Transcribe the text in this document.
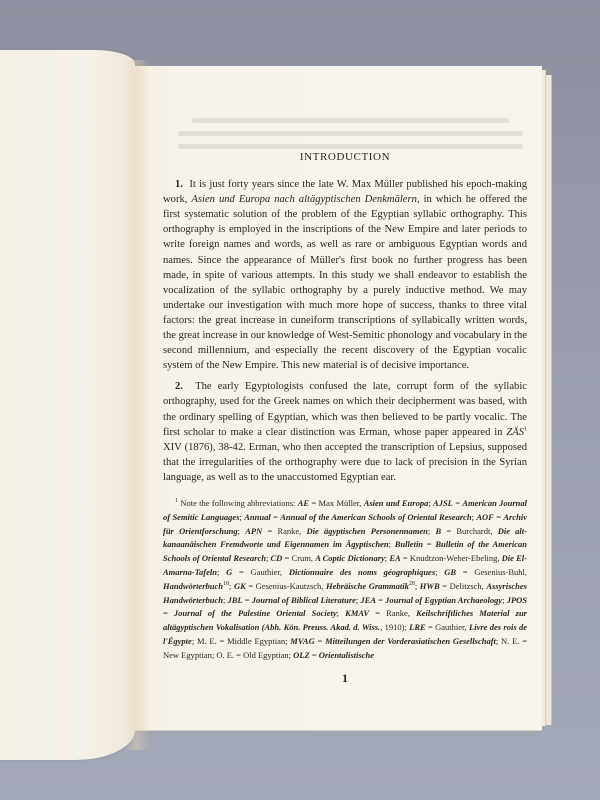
INTRODUCTION

1. It is just forty years since the late W. Max Müller published his epoch-making work, Asien und Europa nach altägyptischen Denkmälern, in which he offered the first systematic solution of the problem of the Egyptian syllabic orthography. This orthography is employed in the inscriptions of the New Empire and later periods to write foreign names and words, as well as rare or ambiguous Egyptian words and names. Since the appearance of Müller's first book no further progress has been made, in spite of various attempts. In this study we shall endeavor to establish the vocalization of the syllabic orthography by a purely inductive method. We may undertake our investigation with much more hope of success, thanks to three vital factors: the great increase in cuneiform transcriptions of syllabically written words, the great increase in our knowledge of West-Semitic phonology and vocabulary in the second millennium, and especially the recent discovery of the Egyptian vocalic system of the New Empire. This new material is of decisive importance.

2. The early Egyptologists confused the late, corrupt form of the syllabic orthography, used for the Greek names on which their decipherment was based, with the ordinary spelling of Egyptian, which was then believed to be partly vocalic. The first scholar to make a clear distinction was Erman, whose paper appeared in ZÄS$^1$ XIV (1876), 38-42. Erman, who then accepted the transcription of Lepsius, supposed that the irregularities of the orthography were due to lack of precision in the Syrian language, as well as to the unaccustomed Egyptian ear.

$^1$ Note the following abbreviations: AE = Max Müller, Asien und Europa; AJSL = American Journal of Semitic Languages; Annual = Annual of the American Schools of Oriental Research; AOF = Archiv für Orientforschung; APN = Ranke, Die ägyptischen Personennamen; B = Burchardt, Die altkanaanäischen Fremdworte und Eigennamen im Ägyptischen; Bulletin = Bulletin of the American Schools of Oriental Research; CD = Crum, A Coptic Dictionary; EA = Knudtzon-Weber-Ebeling, Die El-Amarna-Tafeln; G = Gauthier, Dictionnaire des noms géographiques; GB = Gesenius-Buhl, Handwörterbuch$^{18}$; GK = Gesenius-Kautzsch, Hebräische Grammatik$^{28}$; HWB = Delitzsch, Assyrisches Handwörterbuch; JBL = Journal of Biblical Literature; JEA = Journal of Egyptian Archaeology; JPOS = Journal of the Palestine Oriental Society; KMAV = Ranke, Keilschriftliches Material zur altägyptischen Vokalisation (Abh. Kön. Preuss. Akad. d. Wiss., 1910); LRE = Gauthier, Livre des rois de l'Égypte; M. E. = Middle Egyptian; MVAG = Mitteilungen der Vorderasiatischen Gesellschaft; N. E. = New Egyptian; O. E. = Old Egyptian; OLZ = Orientalistische

1
